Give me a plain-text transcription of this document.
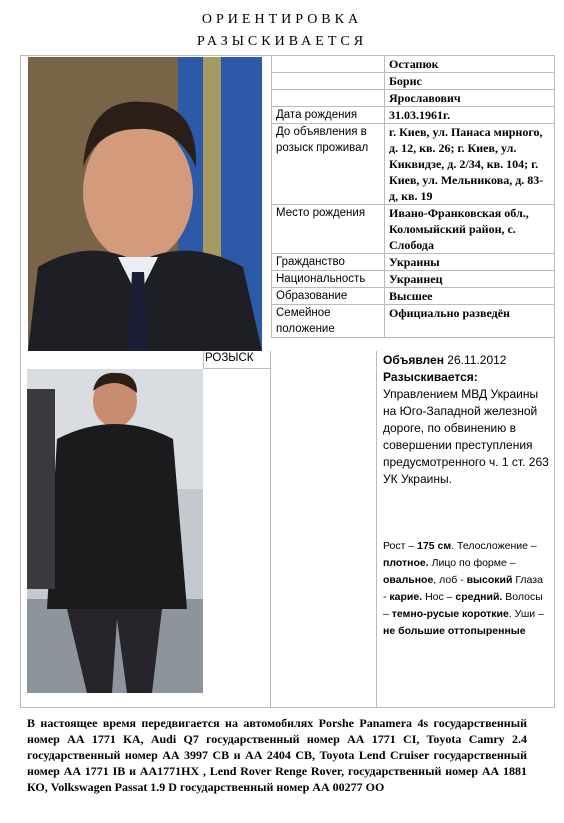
ОРИЕНТИРОВКА
РАЗЫСКИВАЕТСЯ
	Остапюк
	Борис
	Ярославович
Дата рождения	31.03.1961г.
До объявления в розыск проживал	г. Киев, ул. Панаса мирного, д. 12, кв. 26; г. Киев, ул. Киквидзе, д. 2/34, кв. 104; г. Киев, ул. Мельникова, д. 83-д, кв. 19
Место рождения	Ивано-Франковская обл., Коломыйский район, с. Слобода
Гражданство	Украины
Национальность	Украинец
Образование	Высшее
Семейное положение	Официально разведён
РОЗЫСК	Объявлен 26.11.2012
Разыскивается:
Управлением МВД Украины на Юго-Западной железной дороге, по обвинению в совершении преступления предусмотренного ч. 1 ст. 263 УК Украины.
Рост – 175 см. Телосложение – плотное. Лицо по форме – овальное, лоб - высокий Глаза - карие. Нос – средний. Волосы – темно-русые короткие. Уши – не большие оттопыренные
В настоящее время передвигается на автомобилях Porshe Panamera 4s государственный номер АА 1771 КА, Audi Q7 государственный номер АА 1771 CI, Toyota Camry 2.4 государственный номер АА 3997 СВ и АА 2404 СВ, Toyota Lend Cruiser государственный номер АА 1771 IВ и АА1771НХ , Lend Rover Renge Rover, государственный номер АА 1881 КО, Volkswagen Passat 1.9 D государственный номер АА 00277 ОО
